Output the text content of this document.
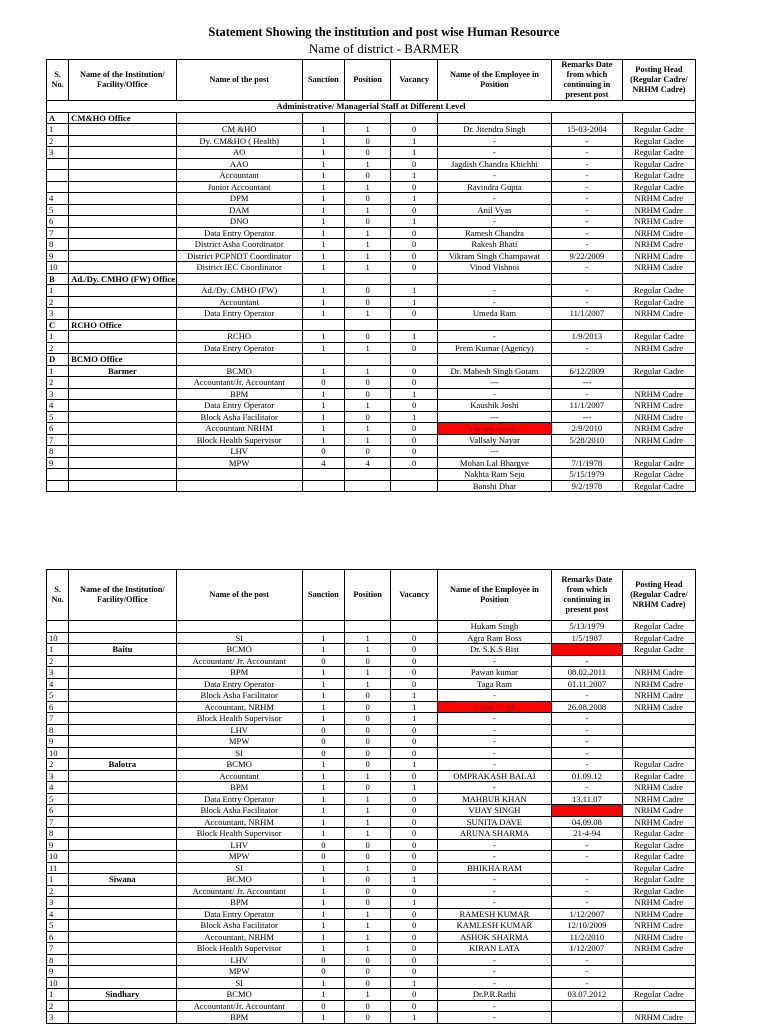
Statement Showing the institution and post wise Human Resource
Name of district - BARMER
S. No.	Name of the Institution/ Facility/Office	Name of the post	Sanction	Position	Vacancy	Name of the Employee in Position	Remarks Date from which continuing in present post	Posting Head (Regular Cadre/ NRHM Cadre)
Administrative/ Managerial Staff at Different Level								
A	CM&HO Office							
1		CM &HO	1	1	0	Dr. Jitendra Singh	15-03-2004	Regular Cadre
2		Dy. CM&HO ( Health)	1	0	1	-	-	Regular Cadre
3		AO	1	0	1	-	-	Regular Cadre
		AAO	1	1	0	Jagdish Chandra Khichhi	-	Regular Cadre
		Accountant	1	0	1	-	-	Regular Cadre
		Junior Accountant	1	1	0	Ravindra Gupta	-	Regular Cadre
4		DPM	1	0	1	-	-	NRHM Cadre
5		DAM	1	1	0	Anil Vyas	-	NRHM Cadre
6		DNO	1	0	1	-	-	NRHM Cadre
7		Data Entry Operator	1	1	0	Ramesh Chandra	-	NRHM Cadre
8		District Asha Coordinator	1	1	0	Rakesh Bhati	-	NRHM Cadre
9		District PCPNDT Coordinator	1	1	0	Vikram Singh Champawat	9/22/2009	NRHM Cadre
10		District IEC Coordinator	1	1	0	Vinod Vishnoi	-	NRHM Cadre
B	Ad./Dy. CMHO (FW) Office							
1		Ad./Dy. CMHO (FW)	1	0	1	-	-	Regular Cadre
2		Accountant	1	0	1	-	-	Regular Cadre
3		Data Entry Operator	1	1	0	Umeda Ram	11/1/2007	NRHM Cadre
C	RCHO Office							
1		RCHO	1	0	1	-	1/9/2013	Regular Cadre
2		Data Entry Operator	1	1	0	Prem Kumar (Agency)	-	NRHM Cadre
D	BCMO Office							
1	Barmer	BCMO	1	1	0	Dr. Mahesh Singh Gotam	6/12/2009	Regular Cadre
2		Accountant/Jr. Accountant	0	0	0	---	---	
3		BPM	1	0	1	-	-	NRHM Cadre
4		Data Entry Operator	1	1	0	Kaushik Joshi	11/1/2007	NRHM Cadre
5		Block Asha Facilitator	1	0	1	---	---	NRHM Cadre
6		Accountant NRHM	1	1	0	Vikram Purohit	2/9/2010	NRHM Cadre
7		Block Health Supervisor	1	1	0	Vallsaly Nayar	5/28/2010	NRHM Cadre
8		LHV	0	0	0	---		
9		MPW	4	4	0	Mohan Lal Bhargve	7/1/1978	Regular Cadre
						Nakhta Ram Seju	5/15/1979	Regular Cadre
						Banshi Dhar	9/2/1978	Regular Cadre
S. No.	Name of the Institution/ Facility/Office	Name of the post	Sanction	Position	Vacancy	Name of the Employee in Position	Remarks Date from which continuing in present post	Posting Head (Regular Cadre/ NRHM Cadre)
						Hukam Singh	5/13/1979	Regular Cadre
10		SI	1	1	0	Agra Ram Boss	1/5/1987	Regular Cadre
1	Baitu	BCMO	1	1	0	Dr. S.K.S Bist		Regular Cadre
2		Accountant/ Jr. Accountant	0	0	0	-	-	
3		BPM	1	1	0	Pawan kumar	08.02.2011	NRHM Cadre
4		Data Entry Operator	1	1	0	Taga Ram	01.11.2007	NRHM Cadre
5		Block Asha Facilitator	1	0	1	-	-	NRHM Cadre
6		Accountant, NRHM	1	0	1	Aajad Singh	26.08.2008	NRHM Cadre
7		Block Health Supervisor	1	0	1	-	-	
8		LHV	0	0	0	-	-	
9		MPW	0	0	0	-	-	
10		SI	0	0	0	-	-	
2	Balotra	BCMO	1	0	1	-	-	Regular Cadre
3		Accountant	1	1	0	OMPRAKASH BALAI	01.09.12	Regular Cadre
4		BPM	1	0	1	-	-	NRHM Cadre
5		Data Entry Operator	1	1	0	MAHBUB KHAN	13.11.07	NRHM Cadre
6		Block Asha Facilitator	1	1	0	VIJAY SINGH		NRHM Cadre
7		Accountant, NRHM	1	1	0	SUNITA DAVE	04.09.08	NRHM Cadre
8		Block Health Supervisor	1	1	0	ARUNA SHARMA	21-4-94	Regular Cadre
9		LHV	0	0	0	-	-	Regular Cadre
10		MPW	0	0	0	-	-	Regular Cadre
11		SI	1	1	0	BHIKHA RAM		Regular Cadre
1	Siwana	BCMO	1	0	1	-	-	Regular Cadre
2		Accountant/ Jr. Accountant	1	0	0	-	-	Regular Cadre
3		BPM	1	0	1	-	-	NRHM Cadre
4		Data Entry Operator	1	1	0	RAMESH KUMAR	1/12/2007	NRHM Cadre
5		Block Asha Facilitator	1	1	0	KAMLESH KUMAR	12/10/2009	NRHM Cadre
6		Accountant, NRHM	1	1	0	ASHOK SHARMA	11/2/2010	NRHM Cadre
7		Block Health Supervisor	1	1	0	KIRAN LATA	1/12/2007	NRHM Cadre
8		LHV	0	0	0	-	-	
9		MPW	0	0	0	-	-	
10		SI	1	0	1	-	-	
1	Sindhary	BCMO	1	1	0	Dr.P.R.Rathi	03.07.2012	Regular Cadre
2		Accountant/Jr. Accountant	0	0	0	-		
3		BPM	1	0	1	-		NRHM Cadre
